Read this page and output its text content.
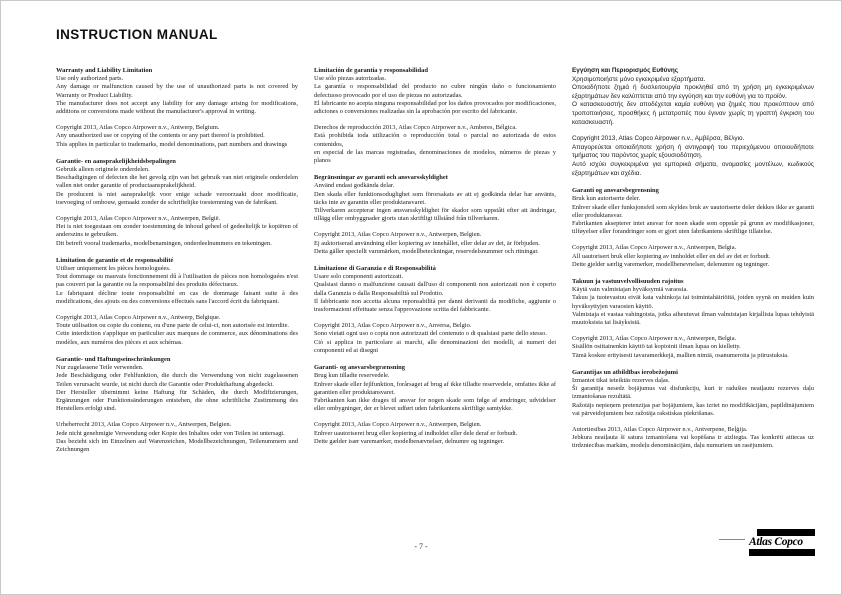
INSTRUCTION MANUAL
Warranty and Liability Limitation

Use only authorized parts.

Any damage or malfunction caused by the use of unauthorized parts is not covered by Warranty or Product Liability.

The manufacturer does not accept any liability for any damage arising for modifications, additions or conversions made without the manufacturer's approval in writing.

Copyright 2013, Atlas Copco Airpower n.v., Antwerp, Belgium.

Any unauthorized use or copying of the contents or any part thereof is prohibited.

This applies in particular to trademarks, model denominations, part numbers and drawings

Garantie- en aansprakelijkheidsbepalingen

Gebruik alleen originele onderdelen.

Beschadigingen of defecten die het gevolg zijn van het gebruik van niet originele onderdelen vallen niet onder garantie of productaansprakelijkheid.

De producent is niet aansprakelijk voor enige schade veroorzaakt door modificatie, toevoeging of ombouw, gemaakt zonder de schriftelijke toestemming van de fabrikant.

Copyright 2013, Atlas Copco Airpower n.v., Antwerpen, België.

Het is niet toegestaan om zonder toestemming de inhoud geheel of gedeeltelijk te kopiëren of anderszins te gebruiken.

Dit betreft vooral trademarks, modelbenamingen, onderdeelnummers en tekeningen.

Limitation de garantie et de responsabilité

Utiliser uniquement les pièces homologuées.

Tout dommage ou mauvais fonctionnement dû à l'utilisation de pièces non homologuées n'est pas couvert par la garantie ou la responsabilité des produits défectueux.

Le fabriquant décline toute responsabilité en cas de dommage faisant suite à des modifications, des ajouts ou des conversions effectués sans l'accord écrit du fabriquant.

Copyright 2013, Atlas Copco Airpower n.v., Antwerp, Belgique.

Toute utilisation ou copie du contenu, ou d'une parte de celui-ci, non autorisée est interdite.

Cette interdiction s'applique en particulier aux marques de commerce, aux dénominations des modèles, aux numéros des pièces et aux schémas.

Garantie- und Haftungseinschränkungen

Nur zugelassene Teile verwenden.

Jede Beschädigung oder Fehlfunktion, die durch die Verwendung von nicht zugelassenen Teilen verursacht wurde, ist nicht durch die Garantie oder Produkthaftung abgedeckt.

Der Hersteller übernimmt keine Haftung für Schäden, die durch Modifizierungen, Ergänzungen oder Funktionsänderungen entstehen, die ohne schriftliche Zustimmung des Herstellers erfolgt sind.

Urheberrecht 2013, Atlas Copco Airpower n.v., Antwerpen, Belgien.

Jede nicht genehmigte Verwendung oder Kopie des Inhaltes oder von Teilen ist untersagt.

Das bezieht sich im Einzelnen auf Warenzeichen, Modellbezeichnungen, Teilenummern und Zeichnungen

Limitación de garantía y responsabilidad

Use sólo piezas autorizadas.

La garantía o responsabilidad del producto no cubre ningún daño o funcionamiento defectuoso provocado por el uso de piezas no autorizadas.

El fabricante no acepta ninguna responsabilidad por los daños provocados por modificaciones, adiciones o conversiones realizadas sin la aprobación por escrito del fabricante.

Derechos de reproducción 2013, Atlas Copco Airpower n.v., Amberes, Bélgica.

Está prohibida toda utilización o reproducción total o parcial no autorizada de estos contenidos,

en especial de las marcas registradas, denominaciones de modelos, números de piezas y planos

Begränsningar av garanti och ansvarsskyldighet

Använd endast godkända delar.

Den skada eller funktionsoduglighet som förorsakats av att ej godkända delar har använts, täcks inte av garantin eller produktansvaret.

Tillverkaren accepterar ingen ansvarsskyldighet för skador som uppstått efter att ändringar, tillägg eller ombyggnader gjorts utan skriftligt tillstånd från tillverkaren.

Copyright 2013, Atlas Copco Airpower n.v., Antwerpen, Belgien.

Ej auktoriserad användning eller kopiering av innehållet, eller delar av det, är förbjuden.

Detta gäller speciellt varumärken, modellbeteckningar, reservdelsnummer och ritningar.

Limitazione di Garanzia e di Responsabilità

Usare solo componenti autorizzati.

Qualsiasi danno o malfunzione causati dall'uso di componenti non autorizzati non è coperto dalla Garanzia o dalla Responsabilità sul Prodotto.

Il fabbricante non accetta alcuna reponsabilità per danni derivanti da modifiche, aggiunte o trasformazioni effettuate senza l'approvazione scritta del fabbricante.

Copyright 2013, Atlas Copco Airpower n.v., Anversa, Belgio.

Sono vietati ogni uso o copia non autorizzati del contenuto o di qualsiasi parte dello stesso.

Ciò si applica in particolare ai marchi, alle denominazioni dei modelli, ai numeri dei componenti ed ai disegni

Garanti- og ansvarsbegrænsning

Brug kun tilladte reservedele.

Enhver skade eller fejlfunktion, forårsaget af brug af ikke tilladte reservedele, omfattes ikke af garantien eller produktansvaret.

Fabrikanten kan ikke drages til ansvar for nogen skade som følge af ændringer, udvidelser eller ombygninger, der er blevet udført uden fabrikantens skriftlige samtykke.

Copyright 2013, Atlas Copco Airpower n.v., Antwerpen, Belgien.

Enhver uautoriseret brug eller kopiering af indholdet eller dele deraf er forbudt.

Dette gælder især varemærker, modelbenævnelser, delnumre og tegninger.

Εγγύηση και Περιορισμός Ευθύνης

Χρησιμοποιήστε μόνο εγκεκριμένα εξαρτήματα.

Οποιαδήποτε ζημιά ή δυσλειτουργία προκληθεί από τη χρήση μη εγκεκριμένων εξαρτημάτων δεν καλύπτεται από την εγγύηση και την ευθύνη για το προϊόν.

Ο κατασκευαστής δεν αποδέχεται καμία ευθύνη για ζημιές που προκύπτουν από τροποποιήσεις, προσθήκες ή μετατροπές που έγιναν χωρίς τη γραπτή έγκριση του κατασκευαστή.

Copyright 2013, Atlas Copco Airpower n.v., Αμβέρσα, Βέλγιο.

Απαγορεύεται οποιαδήποτε χρήση ή αντιγραφή του περιεχόμενου οποιουδήποτε τμήματος του παρόντος χωρίς εξουσιοδότηση.

Αυτό ισχύει συγκεκριμένα για εμπορικά σήματα, ονομασίες μοντέλων, κωδικούς εξαρτημάτων και σχέδια.

Garanti og ansvarsbegrensning

Bruk kun autoriserte deler.

Enhver skade eller funksjonsfeil som skyldes bruk av uautoriserte deler dekkes ikke av garanti eller produktansvar.

Fabrikanten aksepterer intet ansvar for noen skade som oppstår på grunn av modifikasjoner, tilføyelser eller forandringer som er gjort uten fabrikantens skriftlige tillatelse.

Copyright 2013, Atlas Copco Airpower n.v., Antwerpen, Belgia.

All uautorisert bruk eller kopiering av innholdet eller en del av det er forbudt.

Dette gjelder særlig varemerker, modellbenevnelser, delenumre og tegninger.

Takuun ja vastuuvelvollisuuden rajoitus

Käytä vain valmistajan hyväksymiä varaosia.

Takuu ja tuotevastuu eivät kata vahinkoja tai toimintahäiriöitä, joiden syynä on muiden kuin hyväksyttyjen varaosien käyttö.

Valmistaja ei vastaa vahingoista, jotka aiheutuvat ilman valmistajan kirjallista lupaa tehdyistä muutoksista tai lisäyksistä.

Copyright 2013, Atlas Copco Airpower n.v., Antwerpen, Belgia.

Sisällön osittainenkin käyttö tai kopiointi ilman lupaa on kielletty.

Tämä koskee erityisesti tavaramerkkejä, mallien nimiä, osanumeroita ja piirustuksia.

Garantijas un atbildības ierobežojumi

Izmantot tikai ieteiktās rezerves daļas.

Šī garantija nesedz bojājumus vai disfunkciju, kuri ir radušies neatļautu rezerves daļu izmantošanas rezultātā.

Ražotājs nepieņem pretenzijas par bojājumiem, kas izriet no modifikācijām, papildinājumiem vai pārveidojumiem bez ražotāja rakstiskas piekrišanas.

Autortiesības 2013, Atlas Copco Airpower n.v., Antverpene, Beļģija.

Jebkura neatļauta šī satura izmantošana vai kopēšana ir aizliegta. Tas konkrēti attiecas uz tirdzniecības markām, modeļu denominācijām, daļu numuriem un rasējumiem.

- 7 -	Atlas Copco
